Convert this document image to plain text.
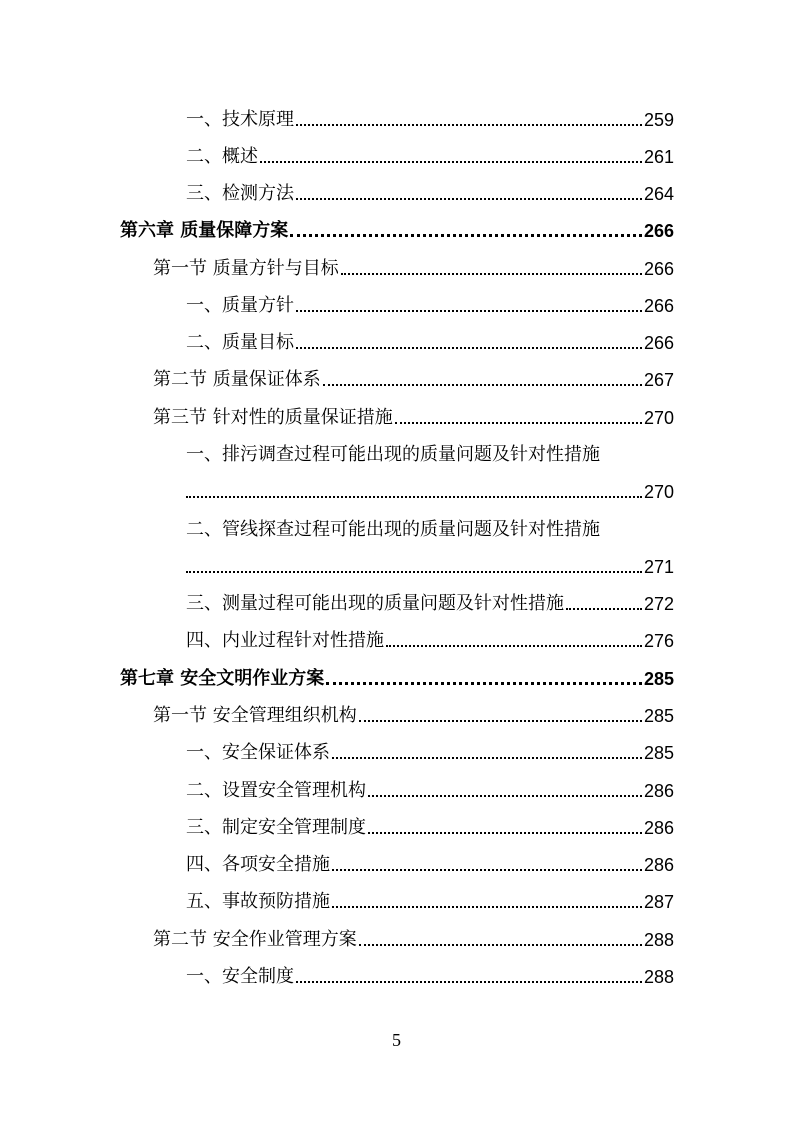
一、技术原理	259
二、概述	261
三、检测方法	264
第六章 质量保障方案	266
第一节 质量方针与目标	266
一、质量方针	266
二、质量目标	266
第二节 质量保证体系	267
第三节 针对性的质量保证措施	270
一、排污调查过程可能出现的质量问题及针对性措施
270
二、管线探查过程可能出现的质量问题及针对性措施
271
三、测量过程可能出现的质量问题及针对性措施	272
四、内业过程针对性措施	276
第七章 安全文明作业方案	285
第一节 安全管理组织机构	285
一、安全保证体系	285
二、设置安全管理机构	286
三、制定安全管理制度	286
四、各项安全措施	286
五、事故预防措施	287
第二节 安全作业管理方案	288
一、安全制度	288
5
